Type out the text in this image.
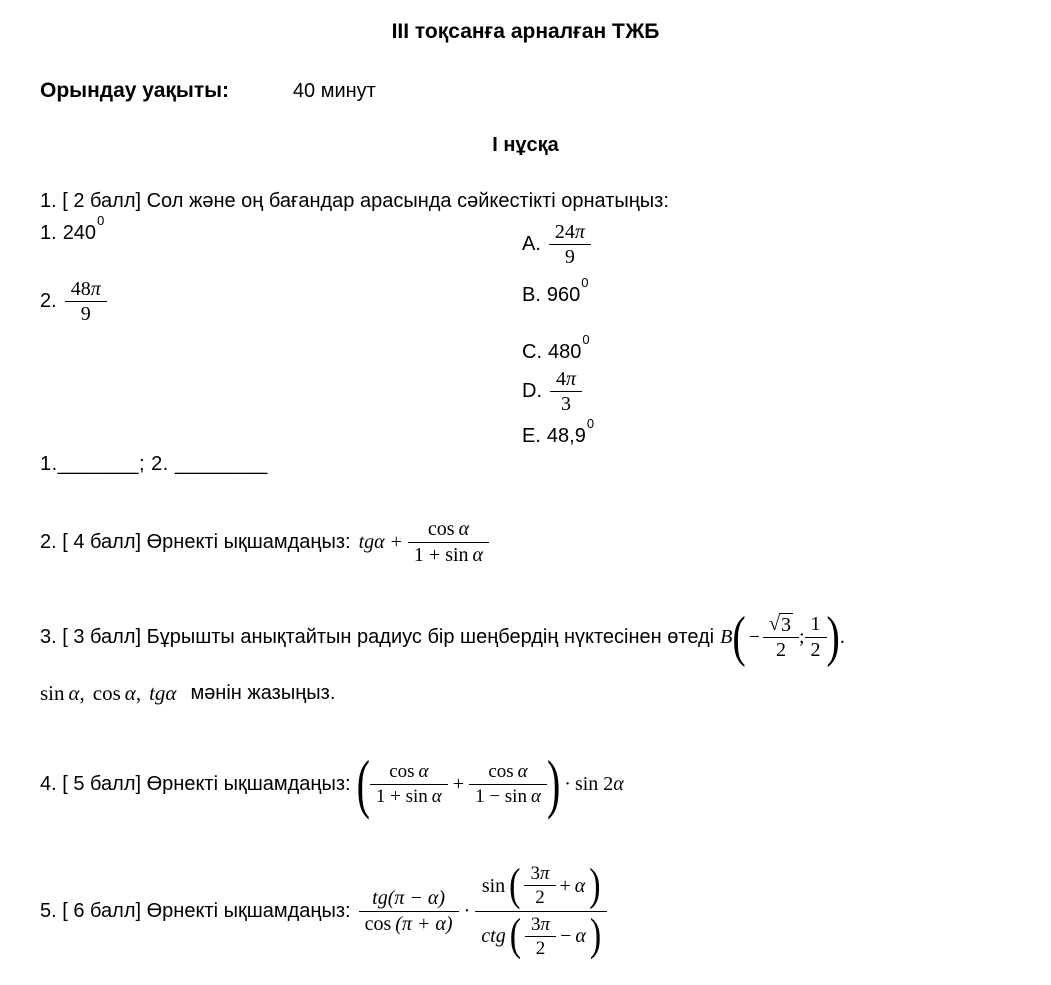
III тоқсанға арналған ТЖБ
Орындау уақыты:	40 минут
I нұсқа
1. [ 2 балл] Сол және оң бағандар арасында сәйкестікті орнатыңыз:
1. $240^0$
A. $\frac{24 \pi}{9}$
2. $\frac{48 \pi}{9}$	B. $960^0$
C. $480^0$
D. $\frac{4 \pi}{3}$
E. 48,9$^0$
1._______; 2. ________
2. [ 4 балл] Өрнекті ықшамдаңыз: $tg\alpha + \frac{\text{cos α}}{\text{1 + sin α}}$
3. [ 3 балл] Бұрышты анықтайтын радиус бір шеңбердің нүктесінен өтеді B ( − $\frac{√ 3}{2}$ ; $\frac{1}{2}$ ) .
sin α , cos α , tgα мәнін жазыңыз.
4. [ 5 балл] Өрнекті ықшамдаңыз: ( $\frac{\text{cos α}}{\text{1 + sin α}} + \frac{\text{cos α}}{\text{1 − sin α}}$ ) · sin 2 α
5. [ 6 балл] Өрнекті ықшамдаңыз: $\frac{tg(\pi - \alpha)}{\cos (\pi + \alpha)}$ ·
sin ( $\frac{3 \pi}{2} + \alpha$ )
ctg ( $\frac{3 \pi}{2} - \alpha$ )
